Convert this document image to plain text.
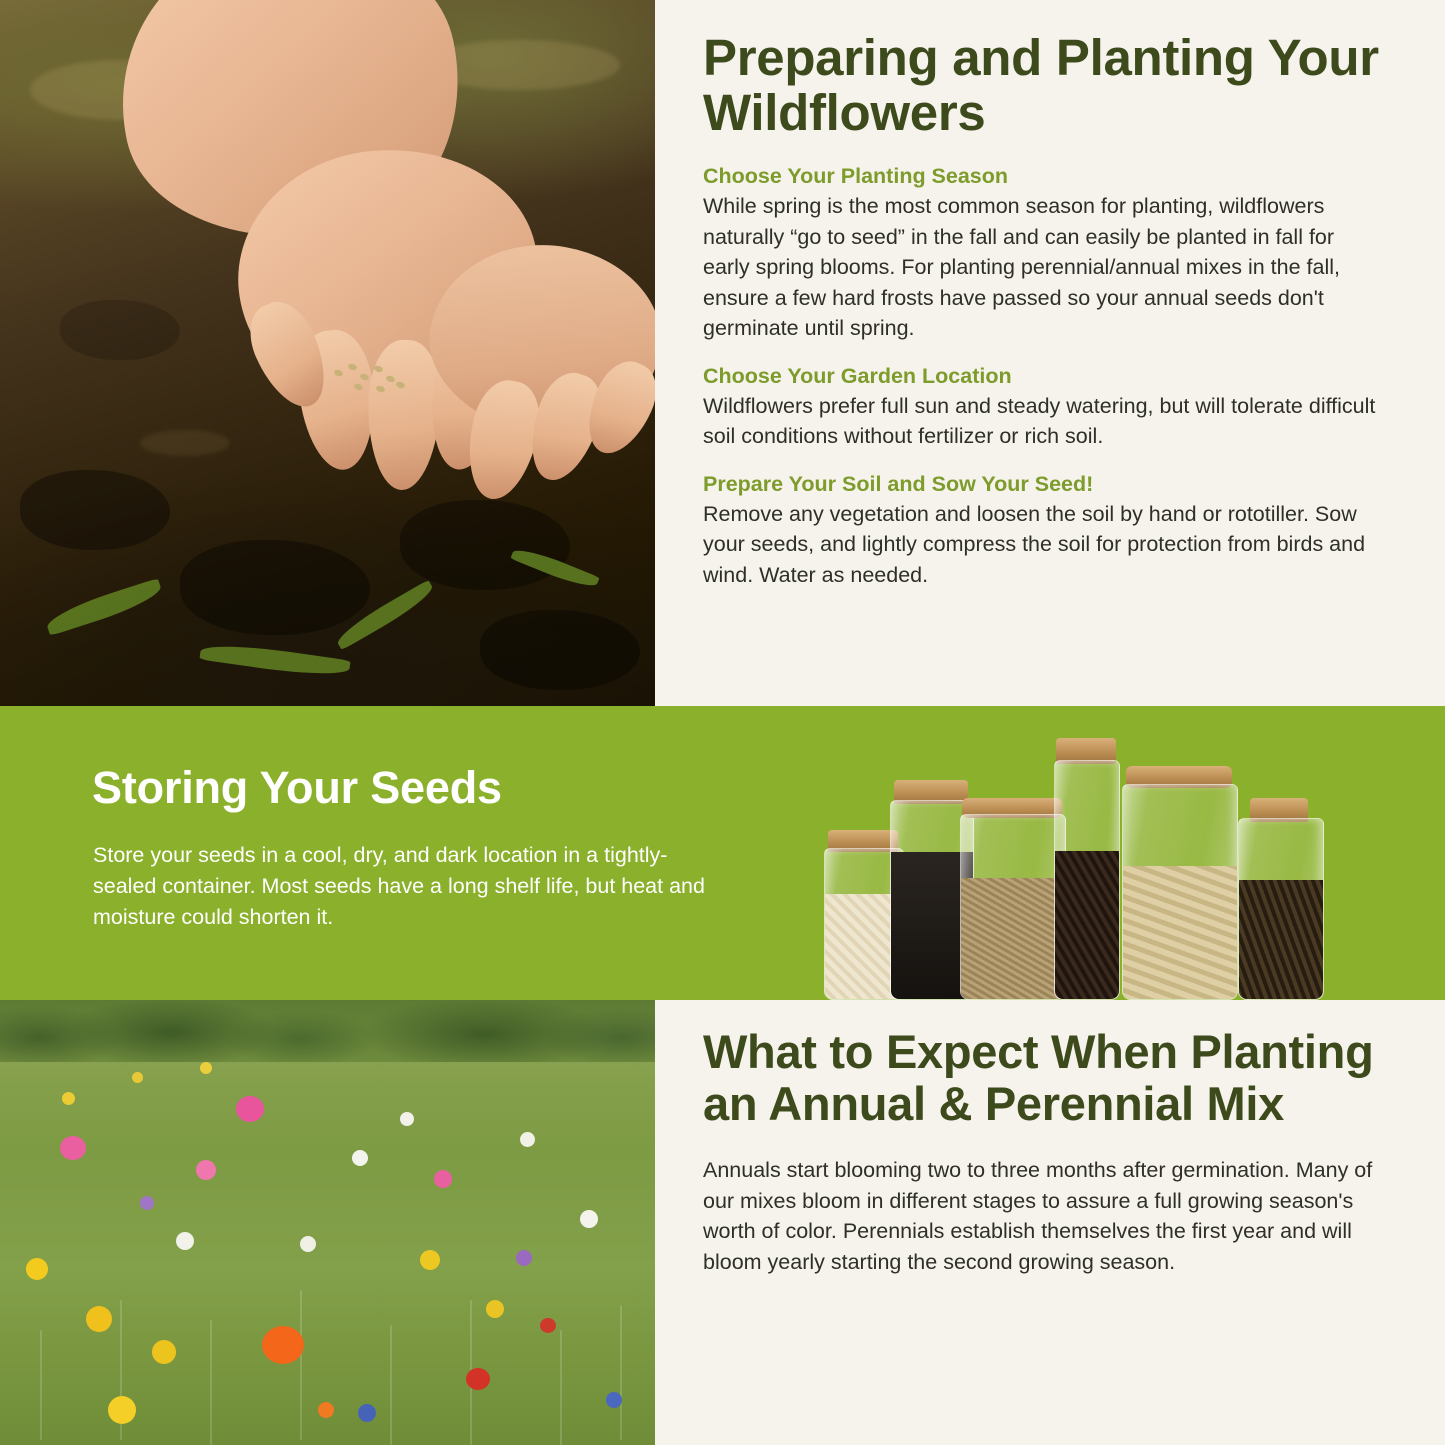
Preparing and Planting Your Wildflowers
Choose Your Planting Season

While spring is the most common season for planting, wildflowers naturally “go to seed” in the fall and can easily be planted in fall for early spring blooms. For planting perennial/annual mixes in the fall, ensure a few hard frosts have passed so your annual seeds don't germinate until spring.

Choose Your Garden Location

Wildflowers prefer full sun and steady watering, but will tolerate difficult soil conditions without fertilizer or rich soil.

Prepare Your Soil and Sow Your Seed!

Remove any vegetation and loosen the soil by hand or rototiller. Sow your seeds, and lightly compress the soil for protection from birds and wind. Water as needed.

Storing Your Seeds

Store your seeds in a cool, dry, and dark location in a tightly-sealed container. Most seeds have a long shelf life, but heat and moisture could shorten it.

What to Expect When Planting an Annual & Perennial Mix

Annuals start blooming two to three months after germination. Many of our mixes bloom in different stages to assure a full growing season's worth of color. Perennials establish themselves the first year and will bloom yearly starting the second growing season.
